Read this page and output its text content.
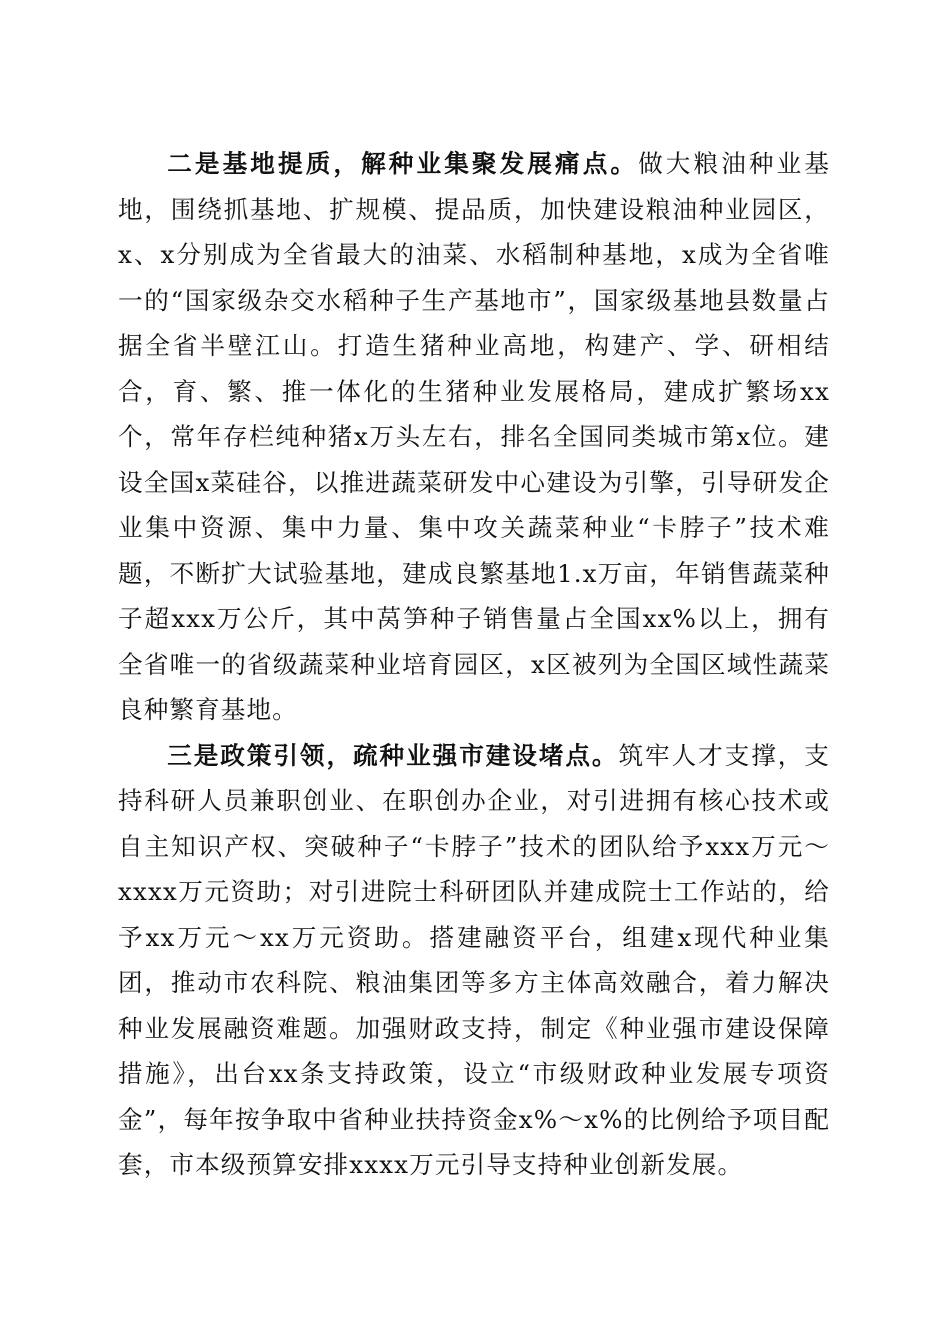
二是基地提质，解种业集聚发展痛点。做大粮油种业基地，围绕抓基地、扩规模、提品质，加快建设粮油种业园区，x、x分别成为全省最大的油菜、水稻制种基地，x成为全省唯一的“国家级杂交水稻种子生产基地市”，国家级基地县数量占据全省半壁江山。打造生猪种业高地，构建产、学、研相结合，育、繁、推一体化的生猪种业发展格局，建成扩繁场xx个，常年存栏纯种猪x万头左右，排名全国同类城市第x位。建设全国x菜硅谷，以推进蔬菜研发中心建设为引擎，引导研发企业集中资源、集中力量、集中攻关蔬菜种业“卡脖子”技术难题，不断扩大试验基地，建成良繁基地1.x万亩，年销售蔬菜种子超xxx万公斤，其中莴笋种子销售量占全国xx%以上，拥有全省唯一的省级蔬菜种业培育园区，x区被列为全国区域性蔬菜良种繁育基地。

三是政策引领，疏种业强市建设堵点。筑牢人才支撑，支持科研人员兼职创业、在职创办企业，对引进拥有核心技术或自主知识产权、突破种子“卡脖子”技术的团队给予xxx万元～xxxx万元资助；对引进院士科研团队并建成院士工作站的，给予xx万元～xx万元资助。搭建融资平台，组建x现代种业集团，推动市农科院、粮油集团等多方主体高效融合，着力解决种业发展融资难题。加强财政支持，制定《种业强市建设保障措施》，出台xx条支持政策，设立“市级财政种业发展专项资金”，每年按争取中省种业扶持资金x%～x%的比例给予项目配套，市本级预算安排xxxx万元引导支持种业创新发展。
